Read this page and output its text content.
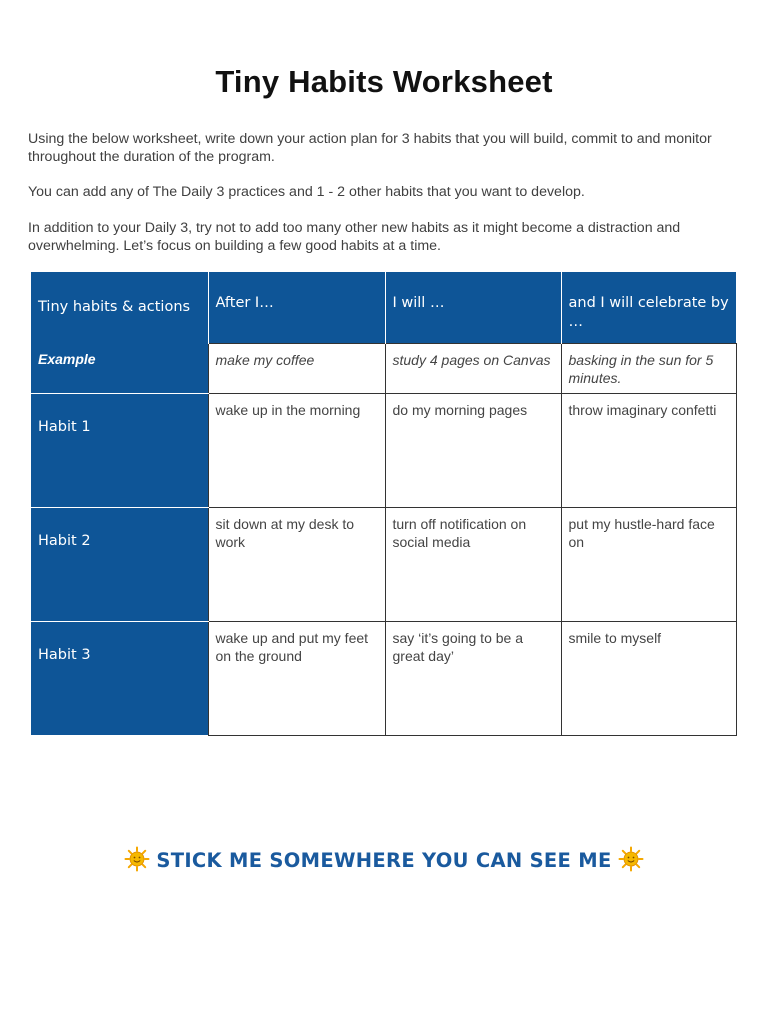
Tiny Habits Worksheet

Using the below worksheet, write down your action plan for 3 habits that you will build, commit to and monitor throughout the duration of the program.

You can add any of The Daily 3 practices and 1 - 2 other habits that you want to develop.

In addition to your Daily 3, try not to add too many other new habits as it might become a distraction and overwhelming. Let’s focus on building a few good habits at a time.

Tiny habits & actions	After I…	I will …	and I will celebrate by …
Example	make my coffee	study 4 pages on Canvas	basking in the sun for 5 minutes.
Habit 1	wake up in the morning	do my morning pages	throw imaginary confetti
Habit 2	sit down at my desk to work	turn off notification on social media	put my hustle-hard face on
Habit 3	wake up and put my feet on the ground	say ‘it’s going to be a great day’	smile to myself
STICK ME SOMEWHERE YOU CAN SEE ME
